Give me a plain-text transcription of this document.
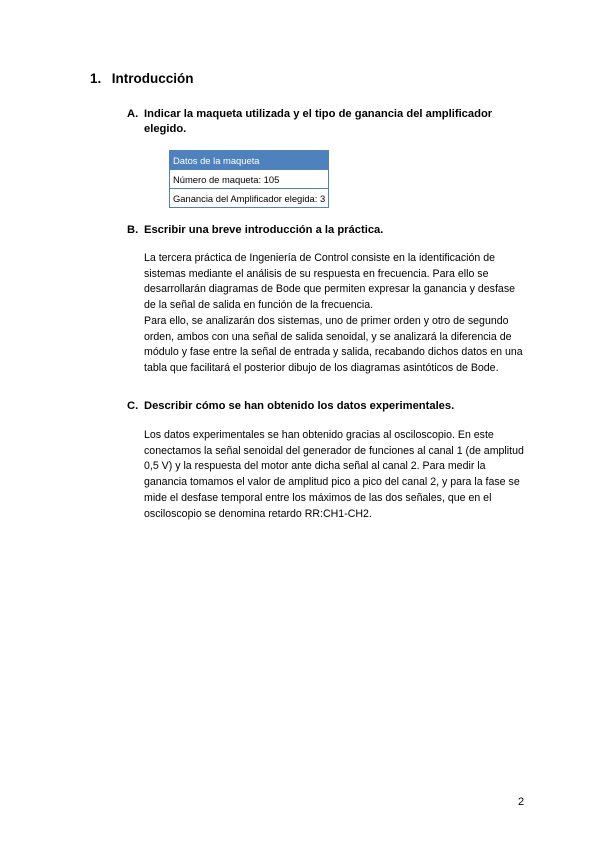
1. Introducción
A. Indicar la maqueta utilizada y el tipo de ganancia del amplificador elegido.
Datos de la maqueta
Número de maqueta: 105
Ganancia del Amplificador elegida: 3
B. Escribir una breve introducción a la práctica.

La tercera práctica de Ingeniería de Control consiste en la identificación de sistemas mediante el análisis de su respuesta en frecuencia. Para ello se desarrollarán diagramas de Bode que permiten expresar la ganancia y desfase de la señal de salida en función de la frecuencia.

Para ello, se analizarán dos sistemas, uno de primer orden y otro de segundo orden, ambos con una señal de salida senoidal, y se analizará la diferencia de módulo y fase entre la señal de entrada y salida, recabando dichos datos en una tabla que facilitará el posterior dibujo de los diagramas asintóticos de Bode.

C. Describir cómo se han obtenido los datos experimentales.

Los datos experimentales se han obtenido gracias al osciloscopio. En este conectamos la señal senoidal del generador de funciones al canal 1 (de amplitud 0,5 V) y la respuesta del motor ante dicha señal al canal 2. Para medir la ganancia tomamos el valor de amplitud pico a pico del canal 2, y para la fase se mide el desfase temporal entre los máximos de las dos señales, que en el osciloscopio se denomina retardo RR:CH1-CH2.

2
